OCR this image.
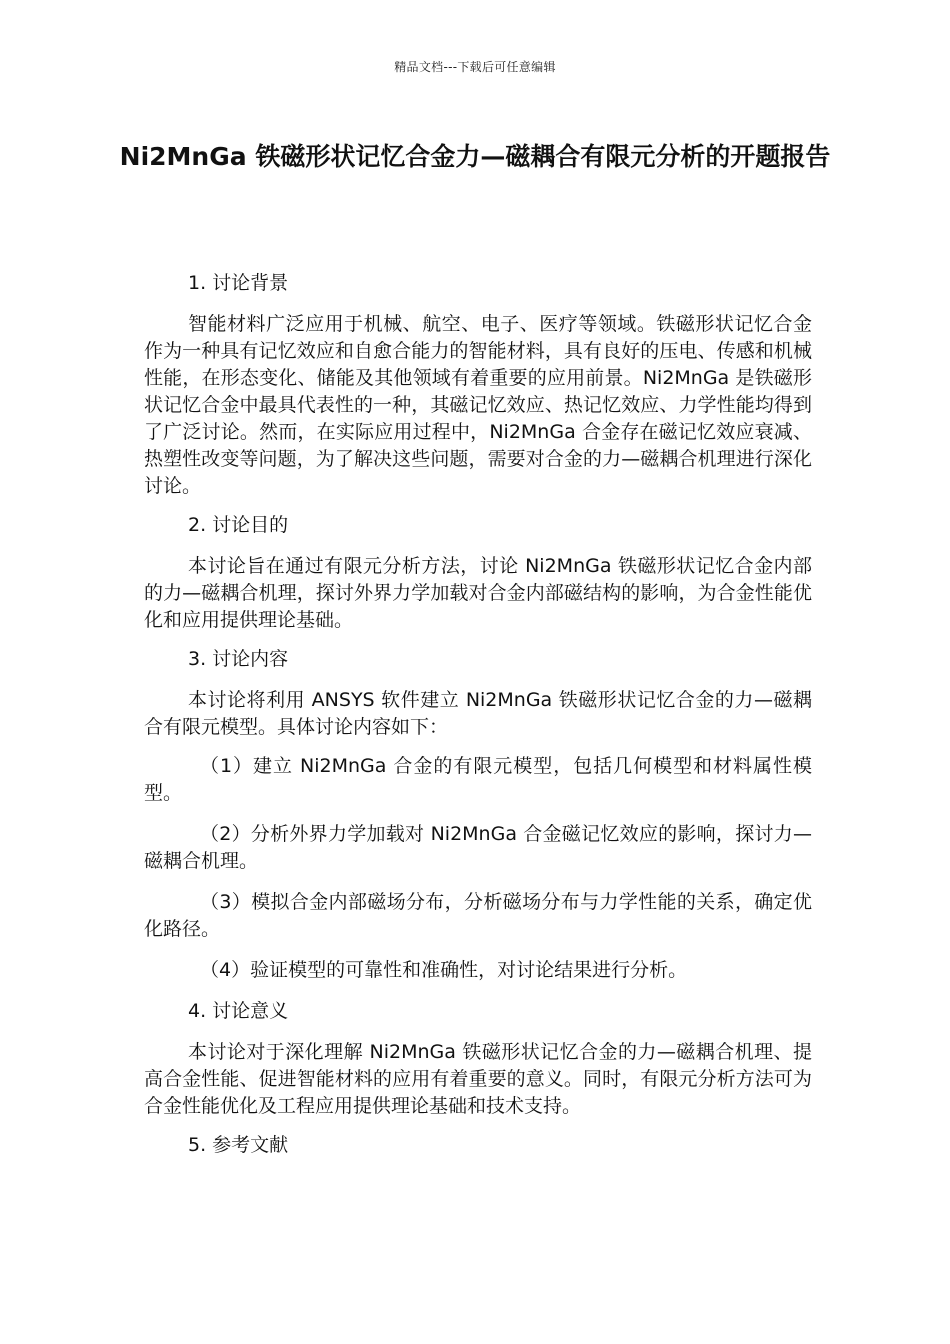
精品文档---下载后可任意编辑
Ni2MnGa 铁磁形状记忆合金力—磁耦合有限元分析的开题报告
1. 讨论背景

智能材料广泛应用于机械、航空、电子、医疗等领域。铁磁形状记忆合金作为一种具有记忆效应和自愈合能力的智能材料，具有良好的压电、传感和机械性能，在形态变化、储能及其他领域有着重要的应用前景。Ni2MnGa 是铁磁形状记忆合金中最具代表性的一种，其磁记忆效应、热记忆效应、力学性能均得到了广泛讨论。然而，在实际应用过程中，Ni2MnGa 合金存在磁记忆效应衰减、热塑性改变等问题，为了解决这些问题，需要对合金的力—磁耦合机理进行深化讨论。

2. 讨论目的

本讨论旨在通过有限元分析方法，讨论 Ni2MnGa 铁磁形状记忆合金内部的力—磁耦合机理，探讨外界力学加载对合金内部磁结构的影响，为合金性能优化和应用提供理论基础。

3. 讨论内容

本讨论将利用 ANSYS 软件建立 Ni2MnGa 铁磁形状记忆合金的力—磁耦合有限元模型。具体讨论内容如下：

（1）建立 Ni2MnGa 合金的有限元模型，包括几何模型和材料属性模型。

（2）分析外界力学加载对 Ni2MnGa 合金磁记忆效应的影响，探讨力—磁耦合机理。

（3）模拟合金内部磁场分布，分析磁场分布与力学性能的关系，确定优化路径。

（4）验证模型的可靠性和准确性，对讨论结果进行分析。

4. 讨论意义

本讨论对于深化理解 Ni2MnGa 铁磁形状记忆合金的力—磁耦合机理、提高合金性能、促进智能材料的应用有着重要的意义。同时，有限元分析方法可为合金性能优化及工程应用提供理论基础和技术支持。

5. 参考文献
